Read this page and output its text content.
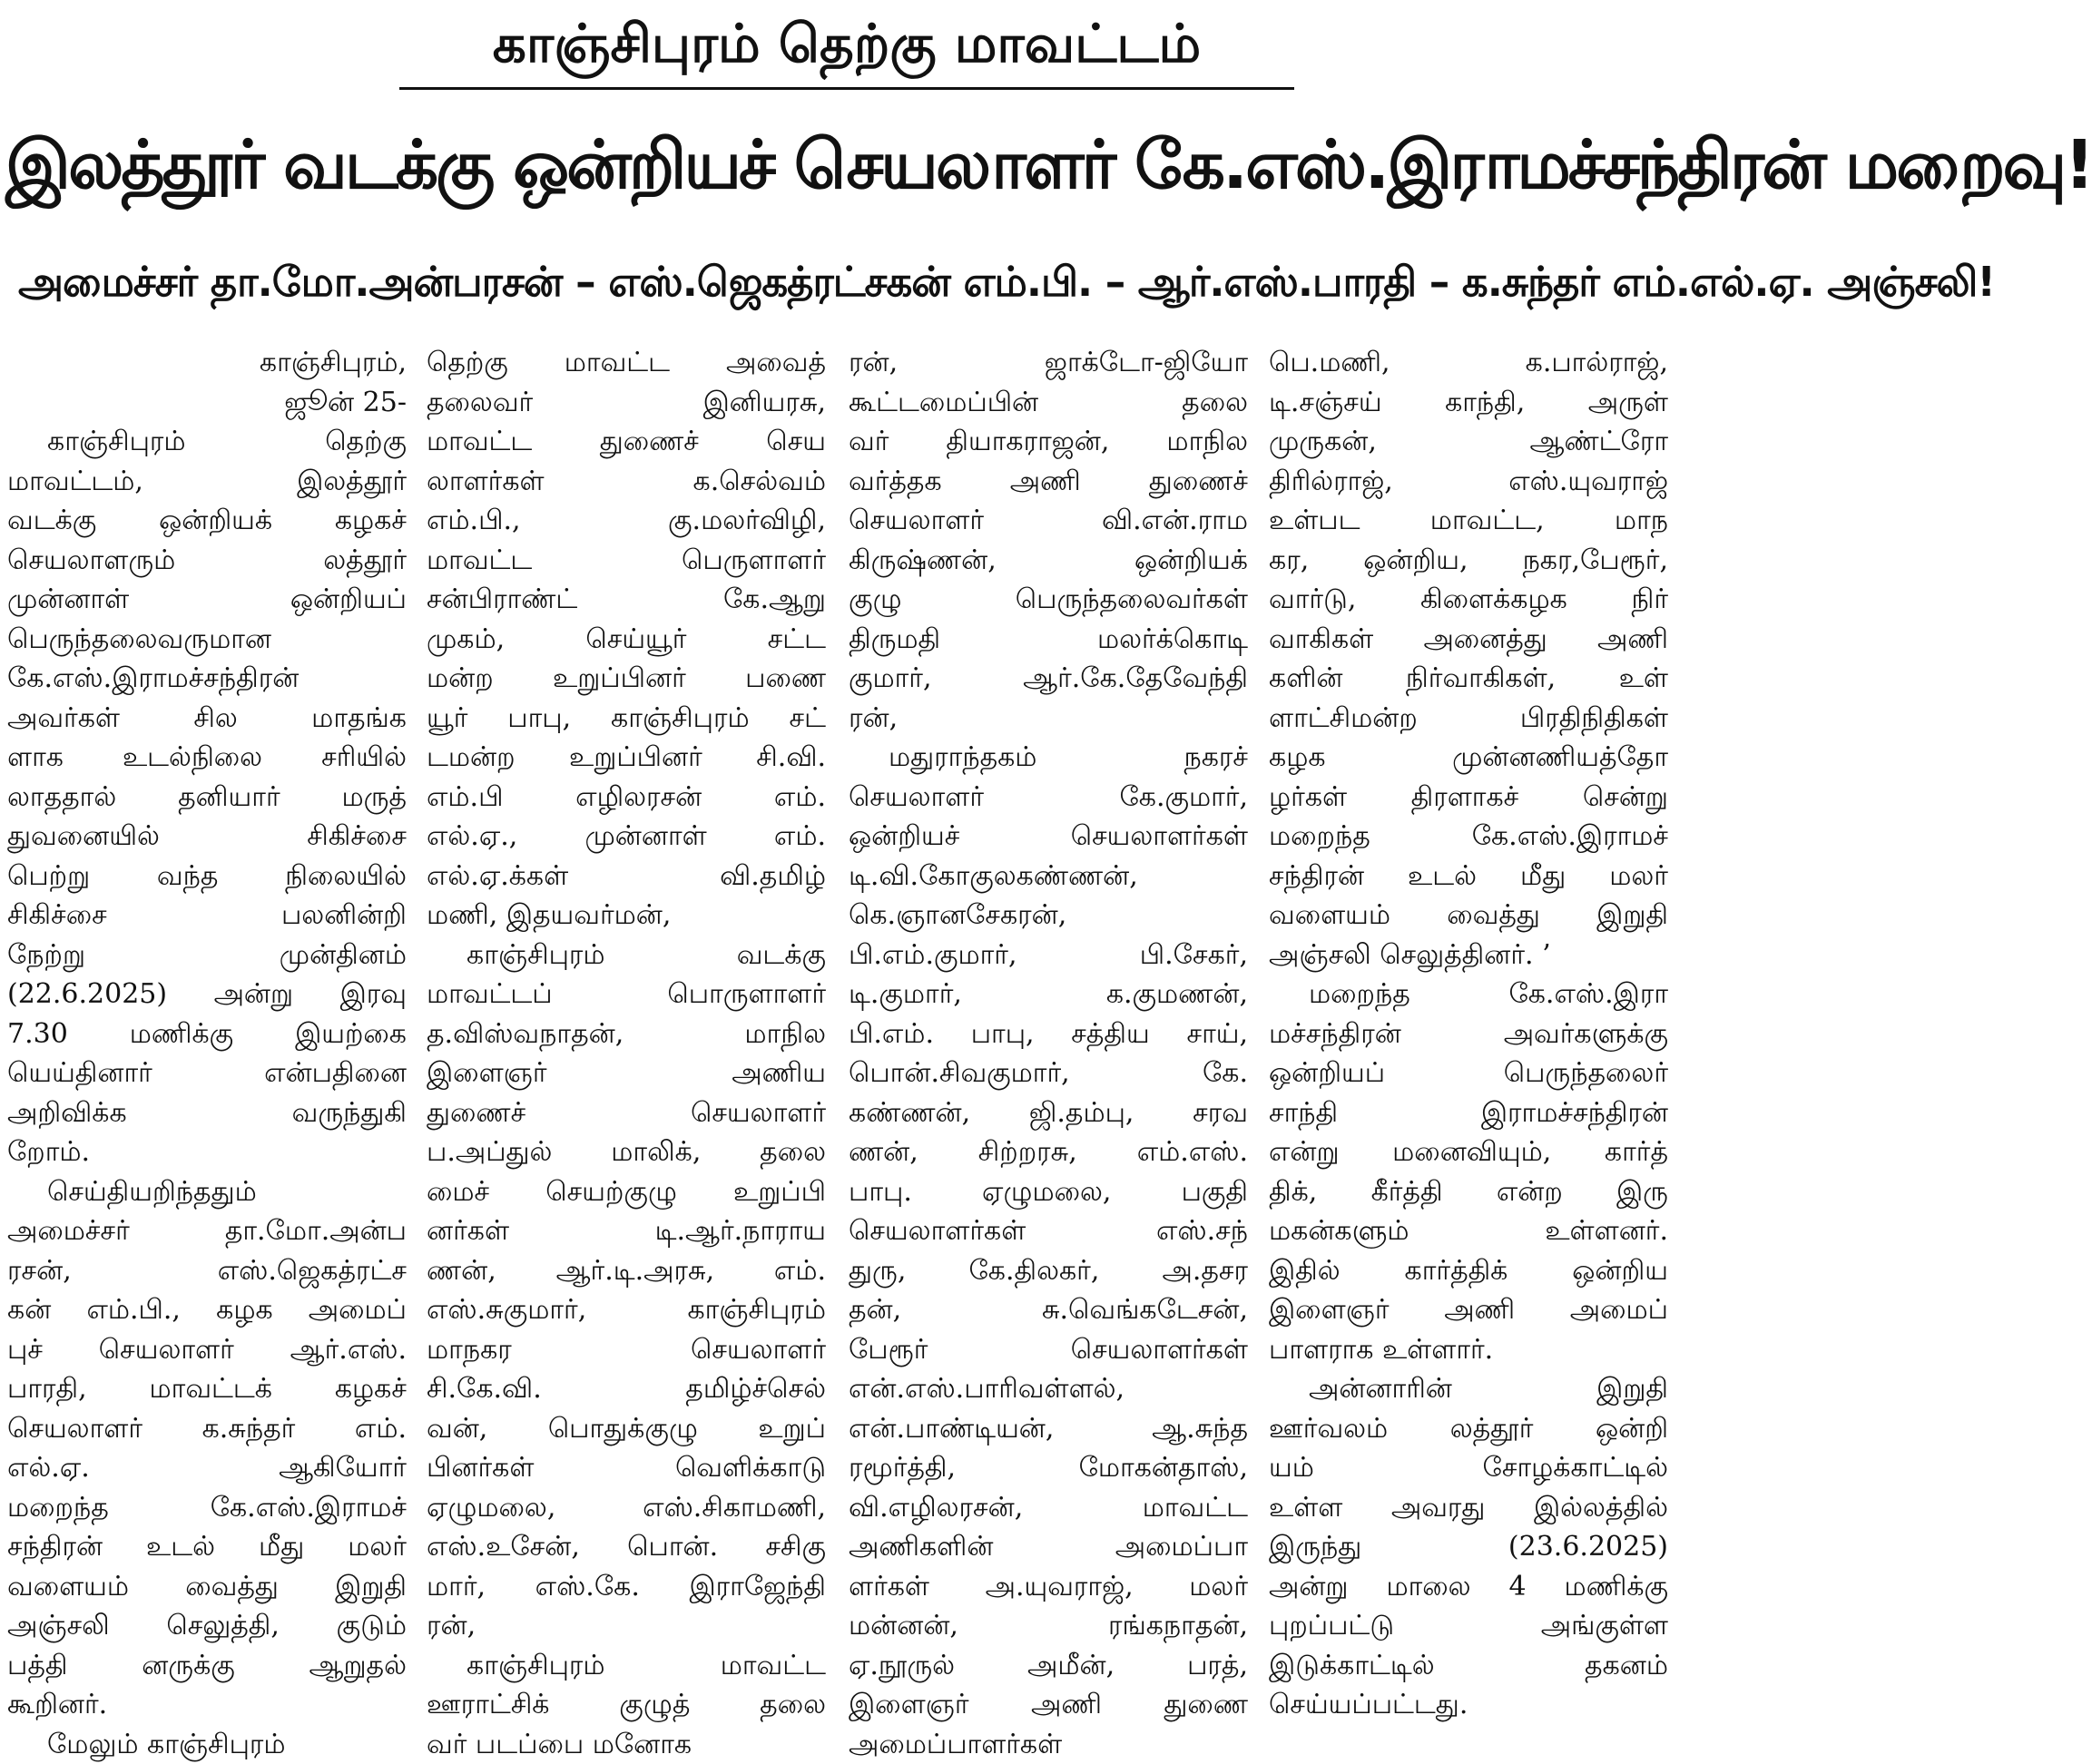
காஞ்சிபுரம் தெற்கு மாவட்டம்
இலத்தூர் வடக்கு ஒன்றியச் செயலாளர் கே.எஸ்.இராமச்சந்திரன் மறைவு!
அமைச்சர் தா.மோ.அன்பரசன் – எஸ்.ஜெகத்ரட்சகன் எம்.பி. – ஆர்.எஸ்.பாரதி – க.சுந்தர் எம்.எல்.ஏ. அஞ்சலி!
காஞ்சிபுரம்,
ஜூன் 25-
காஞ்சிபுரம் தெற்கு
மாவட்டம், இலத்தூர்
வடக்கு ஒன்றியக் கழகச்
செயலாளரும் லத்தூர்
முன்னாள் ஒன்றியப்
பெருந்தலைவருமான
கே.எஸ்.இராமச்சந்திரன்
அவர்கள் சில மாதங்க
ளாக உடல்நிலை சரியில்
லாததால் தனியார் மருத்
துவனையில் சிகிச்சை
பெற்று வந்த நிலையில்
சிகிச்சை பலனின்றி
நேற்று முன்தினம்
(22.6.2025) அன்று இரவு
7.30 மணிக்கு இயற்கை
யெய்தினார் என்பதினை
அறிவிக்க வருந்துகி
றோம்.
செய்தியறிந்ததும்
அமைச்சர் தா.மோ.அன்ப
ரசன், எஸ்.ஜெகத்ரட்ச
கன் எம்.பி., கழக அமைப்
புச் செயலாளர் ஆர்.எஸ்.
பாரதி, மாவட்டக் கழகச்
செயலாளர் க.சுந்தர் எம்.
எல்.ஏ. ஆகியோர்
மறைந்த கே.எஸ்.இராமச்
சந்திரன் உடல் மீது மலர்
வளையம் வைத்து இறுதி
அஞ்சலி செலுத்தி, குடும்
பத்தி னருக்கு ஆறுதல்
கூறினர்.
மேலும் காஞ்சிபுரம்
தெற்கு மாவட்ட அவைத்
தலைவர் இனியரசு,
மாவட்ட துணைச் செய
லாளர்கள் க.செல்வம்
எம்.பி., கு.மலர்விழி,
மாவட்ட பெருளாளர்
சன்பிராண்ட் கே.ஆறு
முகம், செய்யூர் சட்ட
மன்ற உறுப்பினர் பணை
யூர் பாபு, காஞ்சிபுரம் சட்
டமன்ற உறுப்பினர் சி.வி.
எம்.பி எழிலரசன் எம்.
எல்.ஏ., முன்னாள் எம்.
எல்.ஏ.க்கள் வி.தமிழ்
மணி, இதயவர்மன்,
காஞ்சிபுரம் வடக்கு
மாவட்டப் பொருளாளர்
த.விஸ்வநாதன், மாநில
இளைஞர் அணிய
துணைச் செயலாளர்
ப.அப்துல் மாலிக், தலை
மைச் செயற்குழு உறுப்பி
னர்கள் டி.ஆர்.நாராய
ணன், ஆர்.டி.அரசு, எம்.
எஸ்.சுகுமார், காஞ்சிபுரம்
மாநகர செயலாளர்
சி.கே.வி. தமிழ்ச்செல்
வன், பொதுக்குழு உறுப்
பினர்கள் வெளிக்காடு
ஏழுமலை, எஸ்.சிகாமணி,
எஸ்.உசேன், பொன். சசிகு
மார், எஸ்.கே. இராஜேந்தி
ரன்,
காஞ்சிபுரம் மாவட்ட
ஊராட்சிக் குழுத் தலை
வர் படப்பை மனோக
ரன், ஜாக்டோ-ஜியோ
கூட்டமைப்பின் தலை
வர் தியாகராஜன், மாநில
வர்த்தக அணி துணைச்
செயலாளர் வி.என்.ராம
கிருஷ்ணன், ஒன்றியக்
குழு பெருந்தலைவர்கள்
திருமதி மலர்க்கொடி
குமார், ஆர்.கே.தேவேந்தி
ரன்,
மதுராந்தகம் நகரச்
செயலாளர் கே.குமார்,
ஒன்றியச் செயலாளர்கள்
டி.வி.கோகுலகண்ணன்,
கெ.ஞானசேகரன்,
பி.எம்.குமார், பி.சேகர்,
டி.குமார், க.குமணன்,
பி.எம். பாபு, சத்திய சாய்,
பொன்.சிவகுமார், கே.
கண்ணன், ஜி.தம்பு, சரவ
ணன், சிற்றரசு, எம்.எஸ்.
பாபு. ஏழுமலை, பகுதி
செயலாளர்கள் எஸ்.சந்
துரு, கே.திலகர், அ.தசர
தன், சு.வெங்கடேசன்,
பேரூர் செயலாளர்கள்
என்.எஸ்.பாரிவள்ளல்,
என்.பாண்டியன், ஆ.சுந்த
ரமூர்த்தி, மோகன்தாஸ்,
வி.எழிலரசன், மாவட்ட
அணிகளின் அமைப்பா
ளர்கள் அ.யுவராஜ், மலர்
மன்னன், ரங்கநாதன்,
ஏ.நூருல் அமீன், பரத்,
இளைஞர் அணி துணை
அமைப்பாளர்கள்
பெ.மணி, க.பால்ராஜ்,
டி.சஞ்சய் காந்தி, அருள்
முருகன், ஆண்ட்ரோ
திரில்ராஜ், எஸ்.யுவராஜ்
உள்பட மாவட்ட, மாந
கர, ஒன்றிய, நகர,பேரூர்,
வார்டு, கிளைக்கழக நிர்
வாகிகள் அனைத்து அணி
களின் நிர்வாகிகள், உள்
ளாட்சிமன்ற பிரதிநிதிகள்
கழக முன்னணியத்தோ
ழர்கள் திரளாகச் சென்று
மறைந்த கே.எஸ்.இராமச்
சந்திரன் உடல் மீது மலர்
வளையம் வைத்து இறுதி
அஞ்சலி செலுத்தினர். ’
மறைந்த கே.எஸ்.இரா
மச்சந்திரன் அவர்களுக்கு
ஒன்றியப் பெருந்தலைர்
சாந்தி இராமச்சந்திரன்
என்று மனைவியும், கார்த்
திக், கீர்த்தி என்ற இரு
மகன்களும் உள்ளனர்.
இதில் கார்த்திக் ஒன்றிய
இளைஞர் அணி அமைப்
பாளராக உள்ளார்.
அன்னாரின் இறுதி
ஊர்வலம் லத்தூர் ஒன்றி
யம் சோழக்காட்டில்
உள்ள அவரது இல்லத்தில்
இருந்து (23.6.2025)
அன்று மாலை 4 மணிக்கு
புறப்பட்டு அங்குள்ள
இடுக்காட்டில் தகனம்
செய்யப்பட்டது.
